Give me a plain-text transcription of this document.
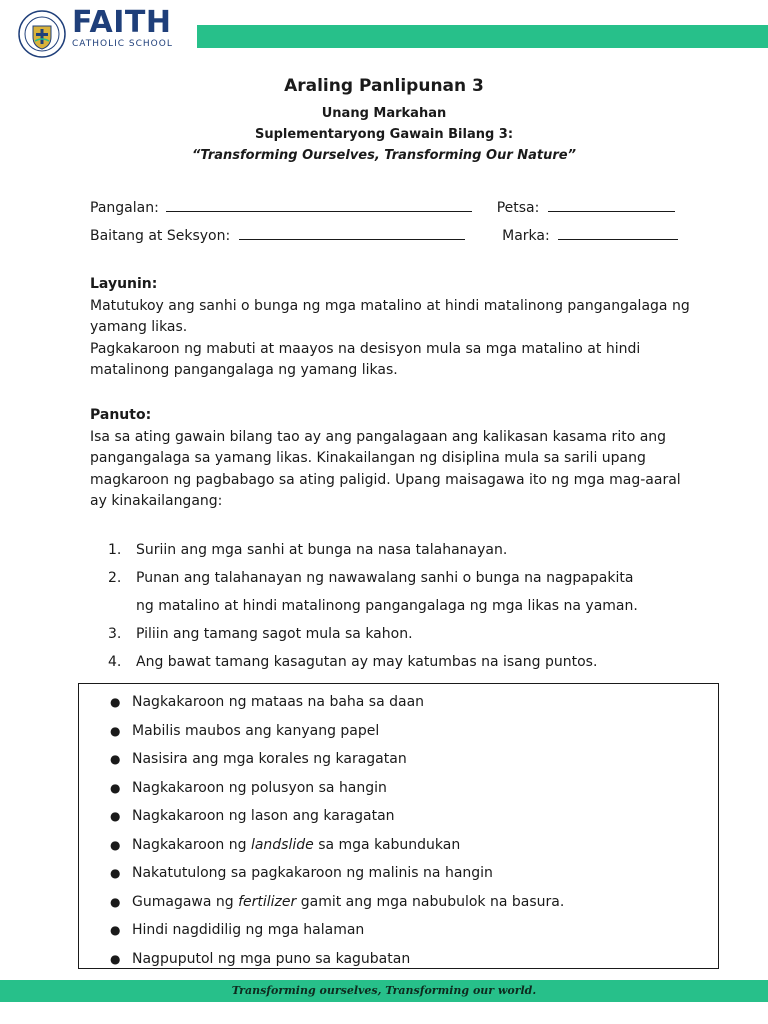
FAITH
CATHOLIC SCHOOL
Araling Panlipunan 3
Unang Markahan
Suplementaryong Gawain Bilang 3:
“Transforming Ourselves, Transforming Our Nature”
Pangalan:	Petsa:
Baitang at Seksyon:	Marka:
Layunin:
Matutukoy ang sanhi o bunga ng mga matalino at hindi matalinong pangangalaga ng yamang likas.
Pagkakaroon ng mabuti at maayos na desisyon mula sa mga matalino at hindi matalinong pangangalaga ng yamang likas.
Panuto:
Isa sa ating gawain bilang tao ay ang pangalagaan ang kalikasan kasama rito ang pangangalaga sa yamang likas. Kinakailangan ng disiplina mula sa sarili upang magkaroon ng pagbabago sa ating paligid. Upang maisagawa ito ng mga mag-aaral ay kinakailangang:
1. Suriin ang mga sanhi at bunga na nasa talahanayan.
2. Punan ang talahanayan ng nawawalang sanhi o bunga na nagpapakita
ng matalino at hindi matalinong pangangalaga ng mga likas na yaman.
3. Piliin ang tamang sagot mula sa kahon.
4. Ang bawat tamang kasagutan ay may katumbas na isang puntos.
● Nagkakaroon ng mataas na baha sa daan
● Mabilis maubos ang kanyang papel
● Nasisira ang mga korales ng karagatan
● Nagkakaroon ng polusyon sa hangin
● Nagkakaroon ng lason ang karagatan
● Nagkakaroon ng landslide sa mga kabundukan
● Nakatutulong sa pagkakaroon ng malinis na hangin
● Gumagawa ng fertilizer gamit ang mga nabubulok na basura.
● Hindi nagdidilig ng mga halaman
● Nagpuputol ng mga puno sa kagubatan
Transforming ourselves, Transforming our world.
